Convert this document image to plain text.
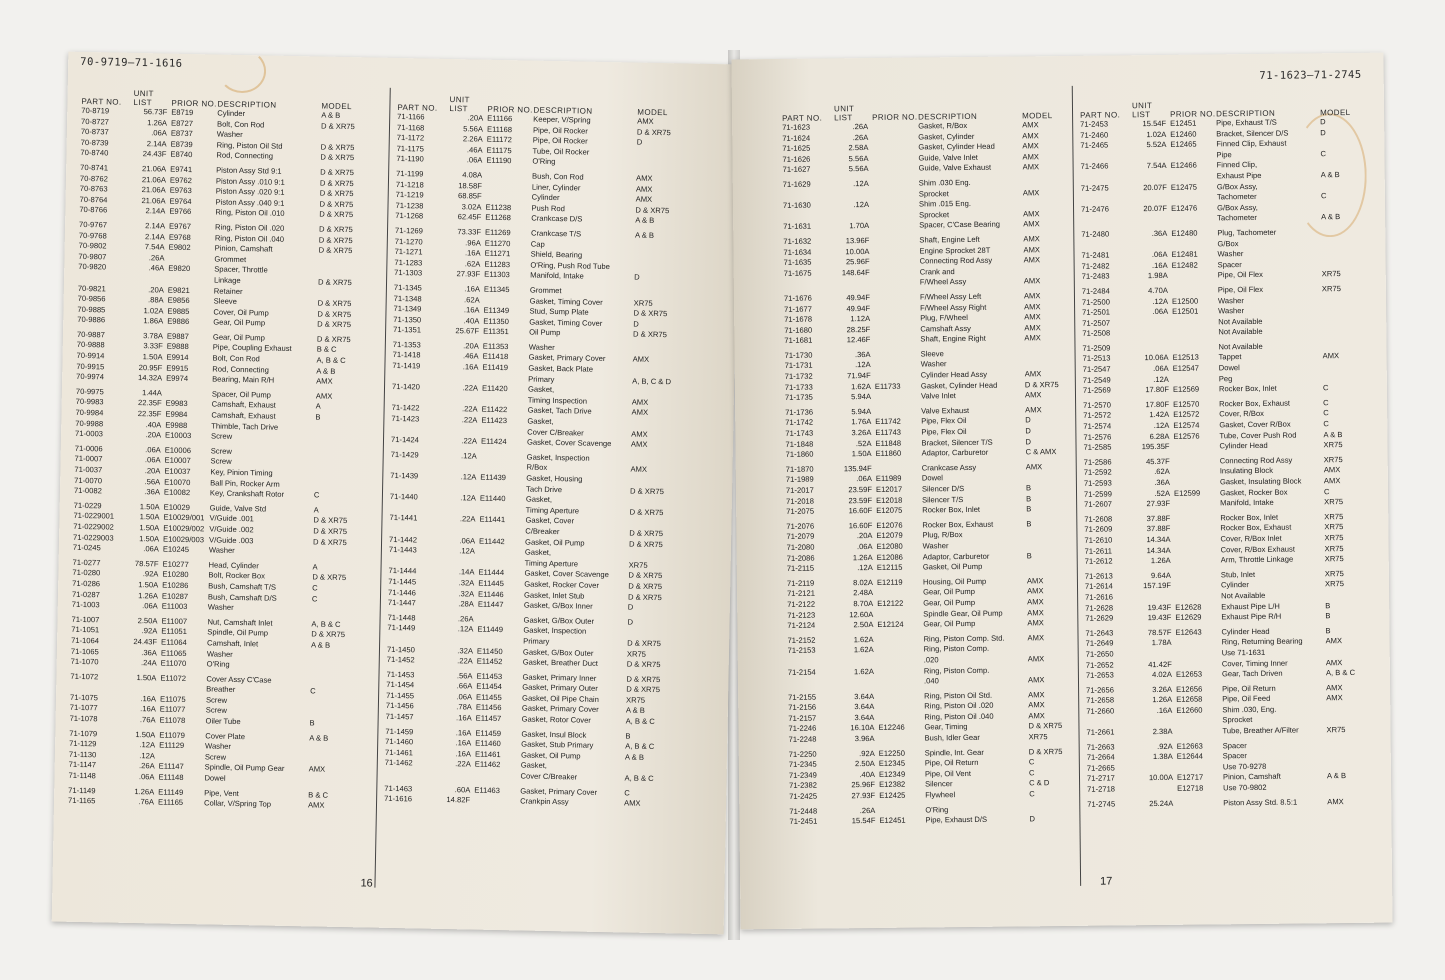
70-9719—71-1616
PART NO.
UNIT
LIST	PRIOR NO. DESCRIPTION	MODEL
70-8719	56.73F E8719	Cylinder	A & B
70-8727	1.26A E8727	Bolt, Con Rod	D & XR75
70-8737	.06A E8737	Washer
70-8739	2.14A E8739	Ring, Piston Oil Std	D & XR75
70-8740	24.43F E8740	Rod, Connecting	D & XR75
70-8741	21.06A E9741	Piston Assy Std 9:1	D & XR75
70-8762	21.06A E9762	Piston Assy .010 9:1	D & XR75
70-8763	21.06A E9763	Piston Assy .020 9:1	D & XR75
70-8764	21.06A E9764	Piston Assy .040 9:1	D & XR75
70-8766	2.14A E9766	Ring, Piston Oil .010	D & XR75
70-9767	2.14A E9767	Ring, Piston Oil .020	D & XR75
70-9768	2.14A E9768	Ring, Piston Oil .040	D & XR75
70-9802	7.54A E9802	Pinion, Camshaft	D & XR75
70-9807	.26A	Grommet
70-9820	.46A E9820	Spacer, Throttle
Linkage	D & XR75
70-9821	.20A E9821	Retainer
70-9856	.88A E9856	Sleeve	D & XR75
70-9885	1.02A E9885	Cover, Oil Pump	D & XR75
70-9886	1.86A E9886	Gear, Oil Pump	D & XR75
70-9887	3.78A E9887	Gear, Oil Pump	D & XR75
70-9888	3.33F E9888	Pipe, Coupling Exhaust	B & C
70-9914	1.50A E9914	Bolt, Con Rod	A, B & C
70-9915	20.95F E9915	Rod, Connecting	A & B
70-9974	14.32A E9974	Bearing, Main R/H	AMX
70-9975	1.44A	Spacer, Oil Pump	AMX
70-9983	22.35F E9983	Camshaft, Exhaust	A
70-9984	22.35F E9984	Camshaft, Exhaust	B
70-9988	.40A E9988	Thimble, Tach Drive
71-0003	.20A E10003	Screw
71-0006	.06A E10006	Screw
71-0007	.06A E10007	Screw
71-0037	.20A E10037	Key, Pinion Timing
71-0070	.56A E10070	Ball Pin, Rocker Arm
71-0082	.36A E10082	Key, Crankshaft Rotor	C
71-0229	1.50A E10029	Guide, Valve Std	A
71-0229001	1.50A E10029/001 V/Guide .001	D & XR75
71-0229002	1.50A E10029/002 V/Guide .002	D & XR75
71-0229003	1.50A E10029/003 V/Guide .003	D & XR75
71-0245	.06A E10245	Washer
71-0277	78.57F E10277	Head, Cylinder	A
71-0280	.92A E10280	Bolt, Rocker Box	D & XR75
71-0286	1.50A E10286	Bush, Camshaft T/S	C
71-0287	1.26A E10287	Bush, Camshaft D/S	C
71-1003	.06A E11003	Washer
71-1007	2.50A E11007	Nut, Camshaft Inlet	A, B & C
71-1051	.92A E11051	Spindle, Oil Pump	D & XR75
71-1064	24.43F E11064	Camshaft, Inlet	A & B
71-1065	.36A E11065	Washer
71-1070	.24A E11070	O'Ring
71-1072	1.50A E11072	Cover Assy C'Case
Breather	C
71-1075	.16A E11075	Screw
71-1077	.16A E11077	Screw
71-1078	.76A E11078	Oiler Tube	B
71-1079	1.50A E11079	Cover Plate	A & B
71-1129	.12A E11129	Washer
71-1130	.12A	Screw
71-1147	.26A E11147	Spindle, Oil Pump Gear	AMX
71-1148	.06A E11148	Dowel
71-1149	1.26A E11149	Pipe, Vent	B & C
71-1165	.76A E11165	Collar, V/Spring Top	AMX
PART NO.
UNIT
LIST	PRIOR NO. DESCRIPTION	MODEL
71-1166	.20A E11166	Keeper, V/Spring	AMX
71-1168	5.56A E11168	Pipe, Oil Rocker	D & XR75
71-1172	2.26A E11172	Pipe, Oil Rocker	D
71-1175	.46A E11175	Tube, Oil Rocker
71-1190	.06A E11190	O'Ring
71-1199	4.08A	Bush, Con Rod	AMX
71-1218	18.58F	Liner, Cylinder	AMX
71-1219	68.85F	Cylinder	AMX
71-1238	3.02A E11238	Push Rod	D & XR75
71-1268	62.45F E11268	Crankcase D/S	A & B
71-1269	73.33F E11269	Crankcase T/S	A & B
71-1270	.96A E11270	Cap
71-1271	.16A E11271	Shield, Bearing
71-1283	.62A E11283	O'Ring, Push Rod Tube
71-1303	27.93F E11303	Manifold, Intake	D
71-1345	.16A E11345	Grommet
71-1348	.62A	Gasket, Timing Cover	XR75
71-1349	.16A E11349	Stud, Sump Plate	D & XR75
71-1350	.40A E11350	Gasket, Timing Cover	D
71-1351	25.67F E11351	Oil Pump	D & XR75
71-1353	.20A E11353	Washer
71-1418	.46A E11418	Gasket, Primary Cover	AMX
71-1419	.16A E11419	Gasket, Back Plate
Primary	A, B, C & D
71-1420	.22A E11420	Gasket,
Timing Inspection	AMX
71-1422	.22A E11422	Gasket, Tach Drive	AMX
71-1423	.22A E11423	Gasket,
Cover C/Breaker	AMX
71-1424	.22A E11424	Gasket, Cover Scavenge	AMX
71-1429	.12A	Gasket, Inspection
R/Box	AMX
71-1439	.12A E11439	Gasket, Housing
Tach Drive	D & XR75
71-1440	.12A E11440	Gasket,
Timing Aperture	D & XR75
71-1441	.22A E11441	Gasket, Cover
C/Breaker	D & XR75
71-1442	.06A E11442	Gasket, Oil Pump	D & XR75
71-1443	.12A	Gasket,
Timing Aperture	XR75
71-1444	.14A E11444	Gasket, Cover Scavenge	D & XR75
71-1445	.32A E11445	Gasket, Rocker Cover	D & XR75
71-1446	.32A E11446	Gasket, Inlet Stub	D & XR75
71-1447	.28A E11447	Gasket, G/Box Inner	D
71-1448	.26A	Gasket, G/Box Outer	D
71-1449	.12A E11449	Gasket, Inspection
Primary	D & XR75
71-1450	.32A E11450	Gasket, G/Box Outer	XR75
71-1452	.22A E11452	Gasket, Breather Duct	D & XR75
71-1453	.56A E11453	Gasket, Primary Inner	D & XR75
71-1454	.66A E11454	Gasket, Primary Outer	D & XR75
71-1455	.06A E11455	Gasket, Oil Pipe Chain	XR75
71-1456	.78A E11456	Gasket, Primary Cover	A & B
71-1457	.16A E11457	Gasket, Rotor Cover	A, B & C
71-1459	.16A E11459	Gasket, Insul Block	B
71-1460	.16A E11460	Gasket, Stub Primary	A, B & C
71-1461	.16A E11461	Gasket, Oil Pump	A & B
71-1462	.22A E11462	Gasket,
Cover C/Breaker	A, B & C
71-1463	.60A E11463	Gasket, Primary Cover	C
71-1616	14.82F	Crankpin Assy	AMX
16
71-1623—71-2745
PART NO.
UNIT
LIST	PRIOR NO. DESCRIPTION	MODEL
71-1623	.26A	Gasket, R/Box	AMX
71-1624	.26A	Gasket, Cylinder	AMX
71-1625	2.58A	Gasket, Cylinder Head	AMX
71-1626	5.56A	Guide, Valve Inlet	AMX
71-1627	5.56A	Guide, Valve Exhaust	AMX
71-1629	.12A	Shim .030 Eng.
Sprocket	AMX
71-1630	.12A	Shim .015 Eng.
Sprocket	AMX
71-1631	1.70A	Spacer, C'Case Bearing	AMX
71-1632	13.96F	Shaft, Engine Left	AMX
71-1634	10.00A	Engine Sprocket 28T	AMX
71-1635	25.96F	Connecting Rod Assy	AMX
71-1675	148.64F	Crank and
F/Wheel Assy	AMX
71-1676	49.94F	F/Wheel Assy Left	AMX
71-1677	49.94F	F/Wheel Assy Right	AMX
71-1678	1.12A	Plug, F/Wheel	AMX
71-1680	28.25F	Camshaft Assy	AMX
71-1681	12.46F	Shaft, Engine Right	AMX
71-1730	.36A	Sleeve
71-1731	.12A	Washer
71-1732	71.94F	Cylinder Head Assy	AMX
71-1733	1.62A E11733	Gasket, Cylinder Head	D & XR75
71-1735	5.94A	Valve Inlet	AMX
71-1736	5.94A	Valve Exhaust	AMX
71-1742	1.76A E11742	Pipe, Flex Oil	D
71-1743	3.26A E11743	Pipe, Flex Oil	D
71-1848	.52A E11848	Bracket, Silencer T/S	D
71-1860	1.50A E11860	Adaptor, Carburetor	C & AMX
71-1870	135.94F	Crankcase Assy	AMX
71-1989	.06A E11989	Dowel
71-2017	23.59F E12017	Silencer D/S	B
71-2018	23.59F E12018	Silencer T/S	B
71-2075	16.60F E12075	Rocker Box, Inlet	B
71-2076	16.60F E12076	Rocker Box, Exhaust	B
71-2079	.20A E12079	Plug, R/Box
71-2080	.06A E12080	Washer
71-2086	1.26A E12086	Adaptor, Carburetor	B
71-2115	.12A E12115	Gasket, Oil Pump
71-2119	8.02A E12119	Housing, Oil Pump	AMX
71-2121	2.48A	Gear, Oil Pump	AMX
71-2122	8.70A E12122	Gear, Oil Pump	AMX
71-2123	12.60A	Spindle Gear, Oil Pump	AMX
71-2124	2.50A E12124	Gear, Oil Pump	AMX
71-2152	1.62A	Ring, Piston Comp. Std.	AMX
71-2153	1.62A	Ring, Piston Comp.
.020	AMX
71-2154	1.62A	Ring, Piston Comp.
.040	AMX
71-2155	3.64A	Ring, Piston Oil Std.	AMX
71-2156	3.64A	Ring, Piston Oil .020	AMX
71-2157	3.64A	Ring, Piston Oil .040	AMX
71-2246	16.10A E12246	Gear, Timing	D & XR75
71-2248	3.96A	Bush, Idler Gear	XR75
71-2250	.92A E12250	Spindle, Int. Gear	D & XR75
71-2345	2.50A E12345	Pipe, Oil Return	C
71-2349	.40A E12349	Pipe, Oil Vent	C
71-2382	25.96F E12382	Silencer	C & D
71-2425	27.93F E12425	Flywheel	C
71-2448	.26A	O'Ring
71-2451	15.54F E12451	Pipe, Exhaust D/S	D
PART NO.
UNIT
LIST	PRIOR NO. DESCRIPTION	MODEL
71-2453	15.54F E12451	Pipe, Exhaust T/S	D
71-2460	1.02A E12460	Bracket, Silencer D/S	D
71-2465	5.52A E12465	Finned Clip, Exhaust
Pipe	C
71-2466	7.54A E12466	Finned Clip,
Exhaust Pipe	A & B
71-2475	20.07F E12475	G/Box Assy,
Tachometer	C
71-2476	20.07F E12476	G/Box Assy,
Tachometer	A & B
71-2480	.36A E12480	Plug, Tachometer
G/Box
71-2481	.06A E12481	Washer
71-2482	.16A E12482	Spacer
71-2483	1.98A	Pipe, Oil Flex	XR75
71-2484	4.70A	Pipe, Oil Flex	XR75
71-2500	.12A E12500	Washer
71-2501	.06A E12501	Washer
71-2507	Not Available
71-2508	Not Available
71-2509	Not Available
71-2513	10.06A E12513	Tappet	AMX
71-2547	.06A E12547	Dowel
71-2549	.12A	Peg
71-2569	17.80F E12569	Rocker Box, Inlet	C
71-2570	17.80F E12570	Rocker Box, Exhaust	C
71-2572	1.42A E12572	Cover, R/Box	C
71-2574	.12A E12574	Gasket, Cover R/Box	C
71-2576	6.28A E12576	Tube, Cover Push Rod	A & B
71-2585	195.35F	Cylinder Head	XR75
71-2586	45.37F	Connecting Rod Assy	XR75
71-2592	.62A	Insulating Block	AMX
71-2593	.36A	Gasket, Insulating Block	AMX
71-2599	.52A E12599	Gasket, Rocker Box	C
71-2607	27.93F	Manifold, Intake	XR75
71-2608	37.88F	Rocker Box, Inlet	XR75
71-2609	37.88F	Rocker Box, Exhaust	XR75
71-2610	14.34A	Cover, R/Box Inlet	XR75
71-2611	14.34A	Cover, R/Box Exhaust	XR75
71-2612	1.26A	Arm, Throttle Linkage	XR75
71-2613	9.64A	Stub, Inlet	XR75
71-2614	157.19F	Cylinder	XR75
71-2616	Not Available
71-2628	19.43F E12628	Exhaust Pipe L/H	B
71-2629	19.43F E12629	Exhaust Pipe R/H	B
71-2643	78.57F E12643	Cylinder Head	B
71-2649	1.78A	Ring, Returning Bearing	AMX
71-2650	Use 71-1631
71-2652	41.42F	Cover, Timing Inner	AMX
71-2653	4.02A E12653	Gear, Tach Driven	A, B & C
71-2656	3.26A E12656	Pipe, Oil Return	AMX
71-2658	1.26A E12658	Pipe, Oil Feed	AMX
71-2660	.16A E12660	Shim .030, Eng.
Sprocket
71-2661	2.38A	Tube, Breather A/Filter	XR75
71-2663	.92A E12663	Spacer
71-2664	1.38A E12644	Spacer
71-2665	Use 70-9278
71-2717	10.00A E12717	Pinion, Camshaft	A & B
71-2718	E12718	Use 70-9802
71-2745	25.24A	Piston Assy Std. 8.5:1	AMX
17
